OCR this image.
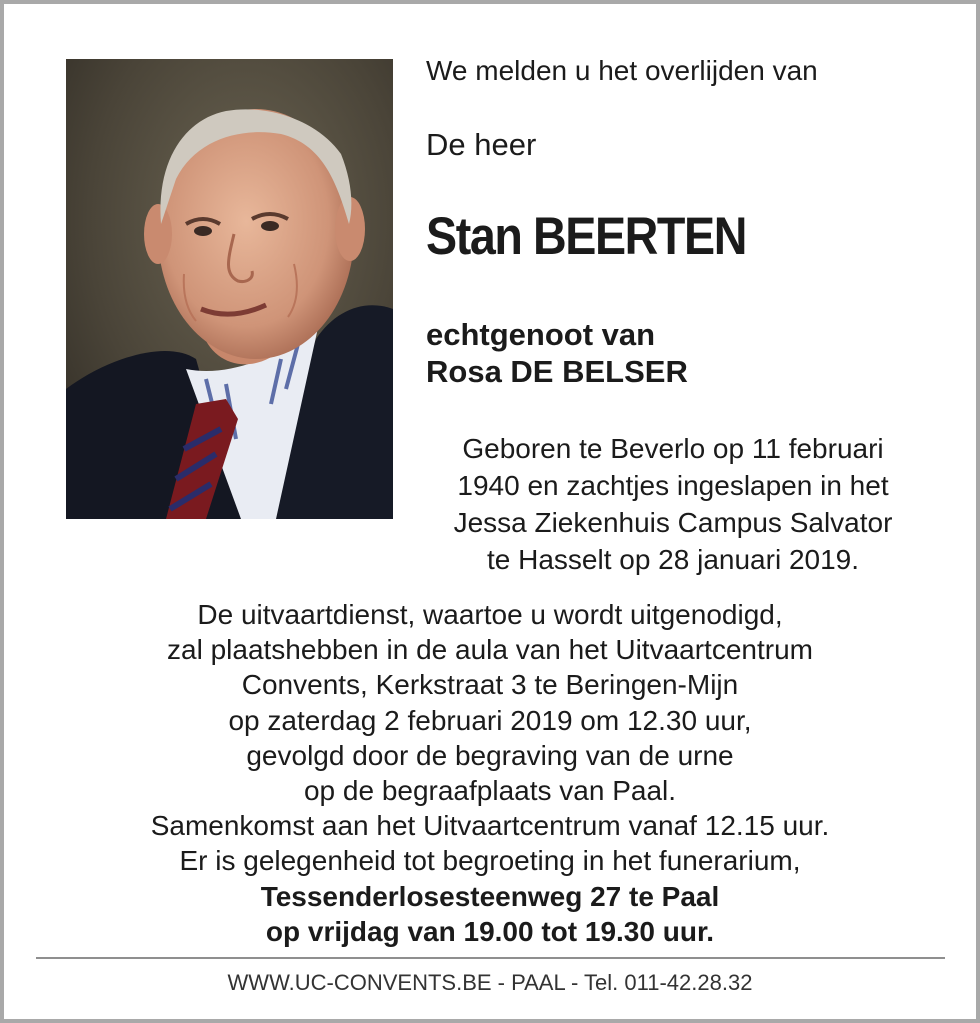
We melden u het overlijden van
De heer
Stan BEERTEN
echtgenoot van
Rosa DE BELSER
Geboren te Beverlo op 11 februari
1940 en zachtjes ingeslapen in het
Jessa Ziekenhuis Campus Salvator
te Hasselt op 28 januari 2019.
De uitvaartdienst, waartoe u wordt uitgenodigd,
zal plaatshebben in de aula van het Uitvaartcentrum
Convents, Kerkstraat 3 te Beringen-Mijn
op zaterdag 2 februari 2019 om 12.30 uur,
gevolgd door de begraving van de urne
op de begraafplaats van Paal.
Samenkomst aan het Uitvaartcentrum vanaf 12.15 uur.
Er is gelegenheid tot begroeting in het funerarium,
Tessenderlosesteenweg 27 te Paal
op vrijdag van 19.00 tot 19.30 uur.
WWW.UC-CONVENTS.BE - PAAL - Tel. 011-42.28.32
